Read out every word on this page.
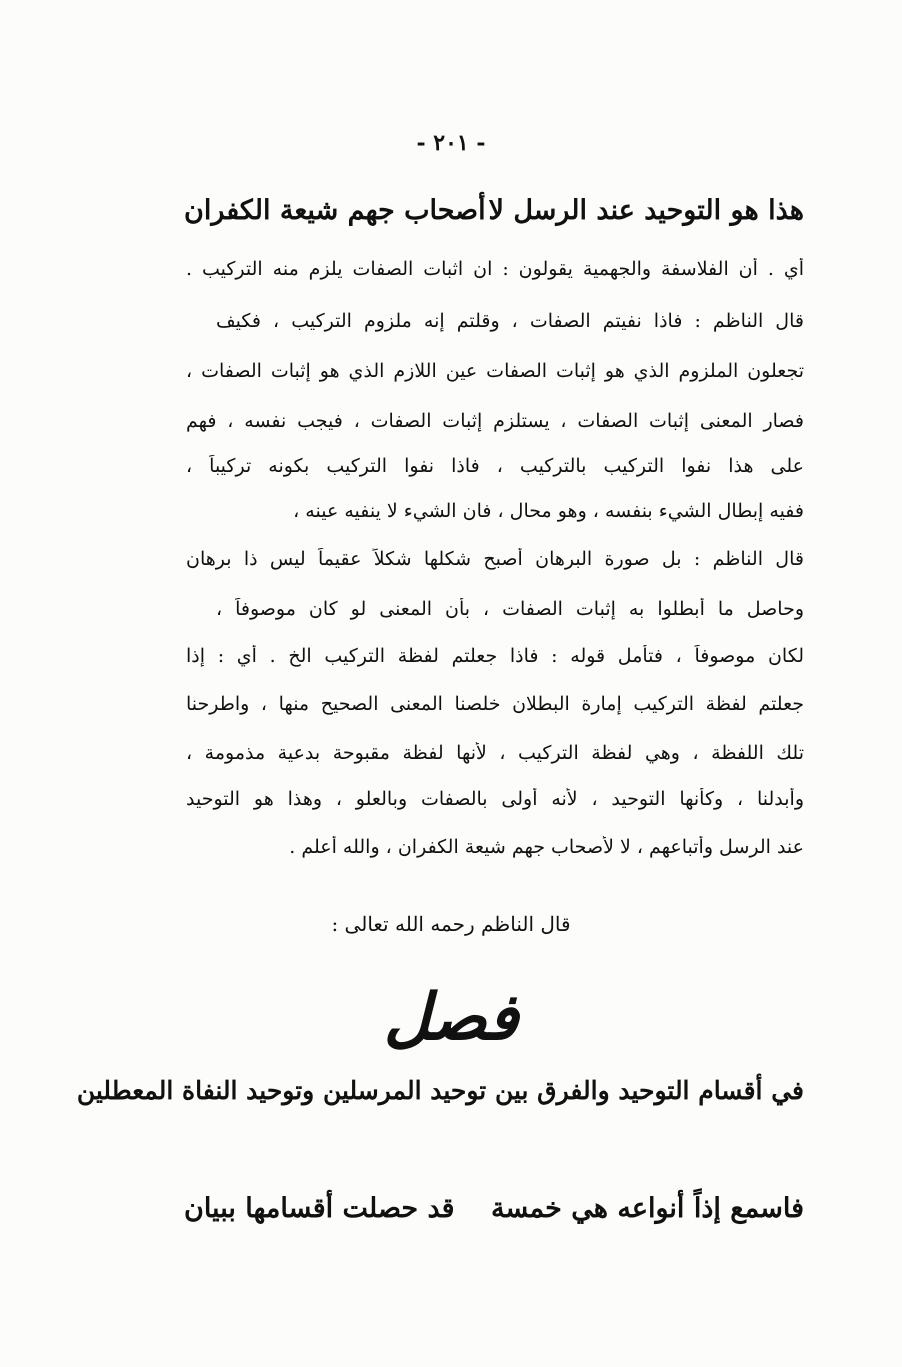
- ٢٠١ -
هذا هو التوحيد عند الرسل لا
أصحاب جهم شيعة الكفران
أي . أن الفلاسفة والجهمية يقولون : ان اثبات الصفات يلزم منه التركيب .
قال الناظم : فاذا نفيتم الصفات ، وقلتم إنه ملزوم التركيب ، فكيف
تجعلون الملزوم الذي هو إثبات الصفات عين اللازم الذي هو إثبات الصفات ،
فصار المعنى إثبات الصفات ، يستلزم إثبات الصفات ، فيجب نفسه ، فهم
على هذا نفوا التركيب بالتركيب ، فاذا نفوا التركيب بكونه تركيباً ،
ففيه إبطال الشيء بنفسه ، وهو محال ، فان الشيء لا ينفيه عينه ،
قال الناظم : بل صورة البرهان أصبح شكلها شكلاً عقيماً ليس ذا برهان
وحاصل ما أبطلوا به إثبات الصفات ، بأن المعنى لو كان موصوفاً ،
لكان موصوفاً ، فتأمل قوله : فاذا جعلتم لفظة التركيب الخ . أي : إذا
جعلتم لفظة التركيب إمارة البطلان خلصنا المعنى الصحيح منها ، واطرحنا
تلك اللفظة ، وهي لفظة التركيب ، لأنها لفظة مقبوحة بدعية مذمومة ،
وأبدلنا ، وكأنها التوحيد ، لأنه أولى بالصفات وبالعلو ، وهذا هو التوحيد
عند الرسل وأتباعهم ، لا لأصحاب جهم شيعة الكفران ، والله أعلم .
قال الناظم رحمه الله تعالى :
فصل
في أقسام التوحيد والفرق بين توحيد المرسلين وتوحيد النفاة المعطلين
فاسمع إذاً أنواعه هي خمسة
قد حصلت أقسامها ببيان
